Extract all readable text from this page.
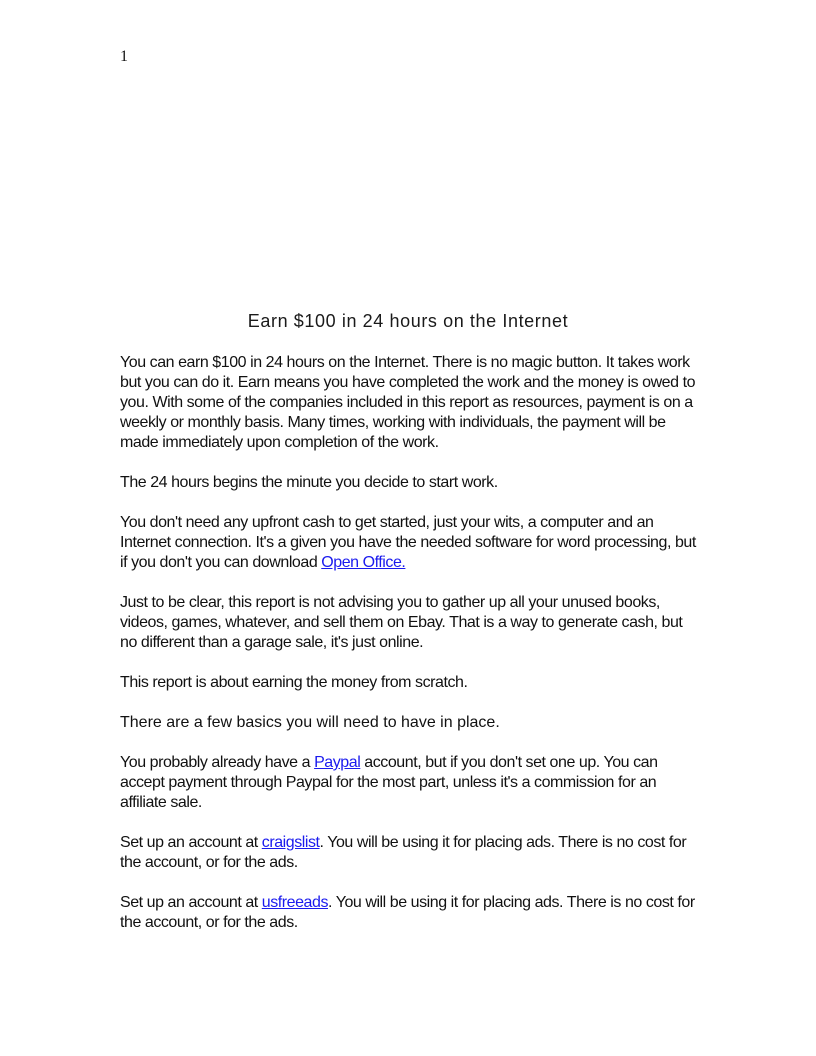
1
Earn $100 in 24 hours on the Internet

You can earn $100 in 24 hours on the Internet. There is no magic button. It takes work but you can do it. Earn means you have completed the work and the money is owed to you. With some of the companies included in this report as resources, payment is on a weekly or monthly basis. Many times, working with individuals, the payment will be made immediately upon completion of the work.

The 24 hours begins the minute you decide to start work.

You don't need any upfront cash to get started, just your wits, a computer and an Internet connection. It's a given you have the needed software for word processing, but if you don't you can download Open Office.

Just to be clear, this report is not advising you to gather up all your unused books, videos, games, whatever, and sell them on Ebay. That is a way to generate cash, but no different than a garage sale, it's just online.

This report is about earning the money from scratch.

There are a few basics you will need to have in place.

You probably already have a Paypal account, but if you don't set one up. You can accept payment through Paypal for the most part, unless it's a commission for an affiliate sale.

Set up an account at craigslist. You will be using it for placing ads. There is no cost for the account, or for the ads.

Set up an account at usfreeads. You will be using it for placing ads. There is no cost for the account, or for the ads.
